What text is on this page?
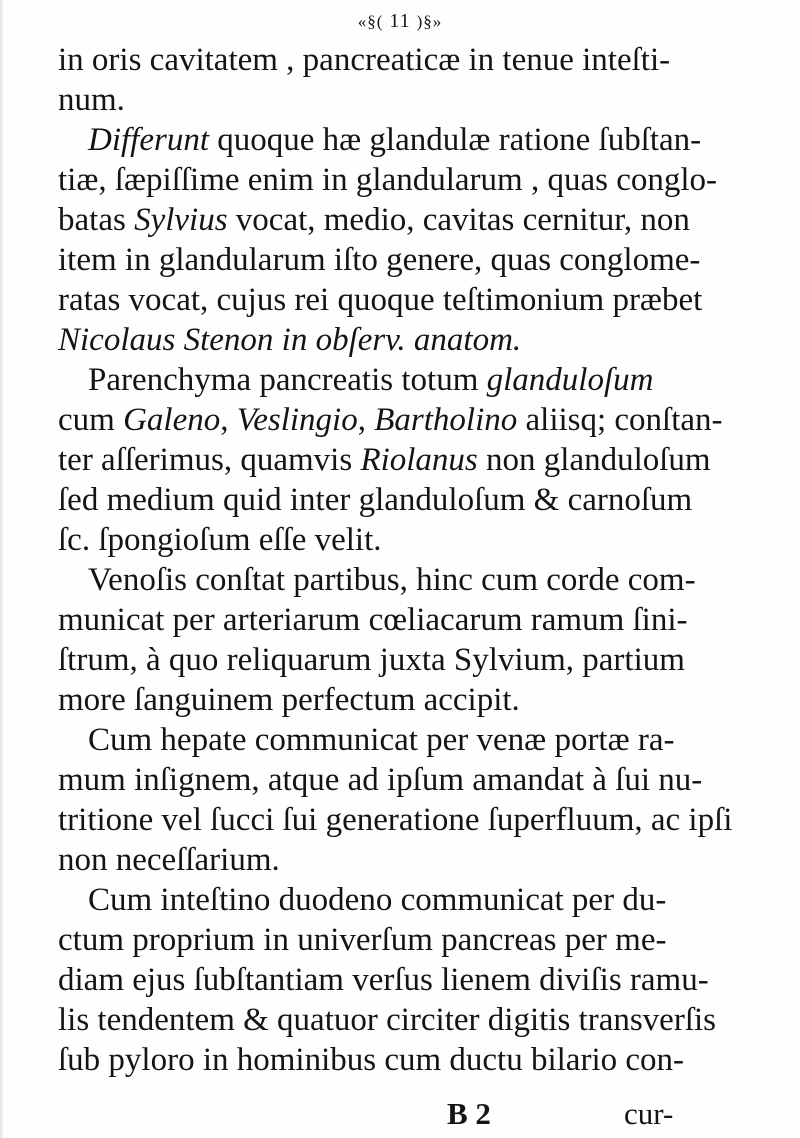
«§( 11 )§»
in oris cavitatem , pancreaticæ in tenue inteſti-
num.
Differunt quoque hæ glandulæ ratione ſubſtan-
tiæ, ſæpiſſime enim in glandularum , quas conglo-
batas Sylvius vocat, medio, cavitas cernitur, non
item in glandularum iſto genere, quas conglome-
ratas vocat, cujus rei quoque teſtimonium præbet
Nicolaus Stenon in obſerv. anatom.
Parenchyma pancreatis totum glanduloſum
cum Galeno, Veslingio, Bartholino aliisq; conſtan-
ter aſſerimus, quamvis Riolanus non glanduloſum
ſed medium quid inter glanduloſum & carnoſum
ſc. ſpongioſum eſſe velit.
Venoſis conſtat partibus, hinc cum corde com-
municat per arteriarum cœliacarum ramum ſini-
ſtrum, à quo reliquarum juxta Sylvium, partium
more ſanguinem perfectum accipit.
Cum hepate communicat per venæ portæ ra-
mum inſignem, atque ad ipſum amandat à ſui nu-
tritione vel ſucci ſui generatione ſuperfluum, ac ipſi
non neceſſarium.
Cum inteſtino duodeno communicat per du-
ctum proprium in univerſum pancreas per me-
diam ejus ſubſtantiam verſus lienem diviſis ramu-
lis tendentem & quatuor circiter digitis transverſis
ſub pyloro in hominibus cum ductu bilario con-
B 2	cur-
